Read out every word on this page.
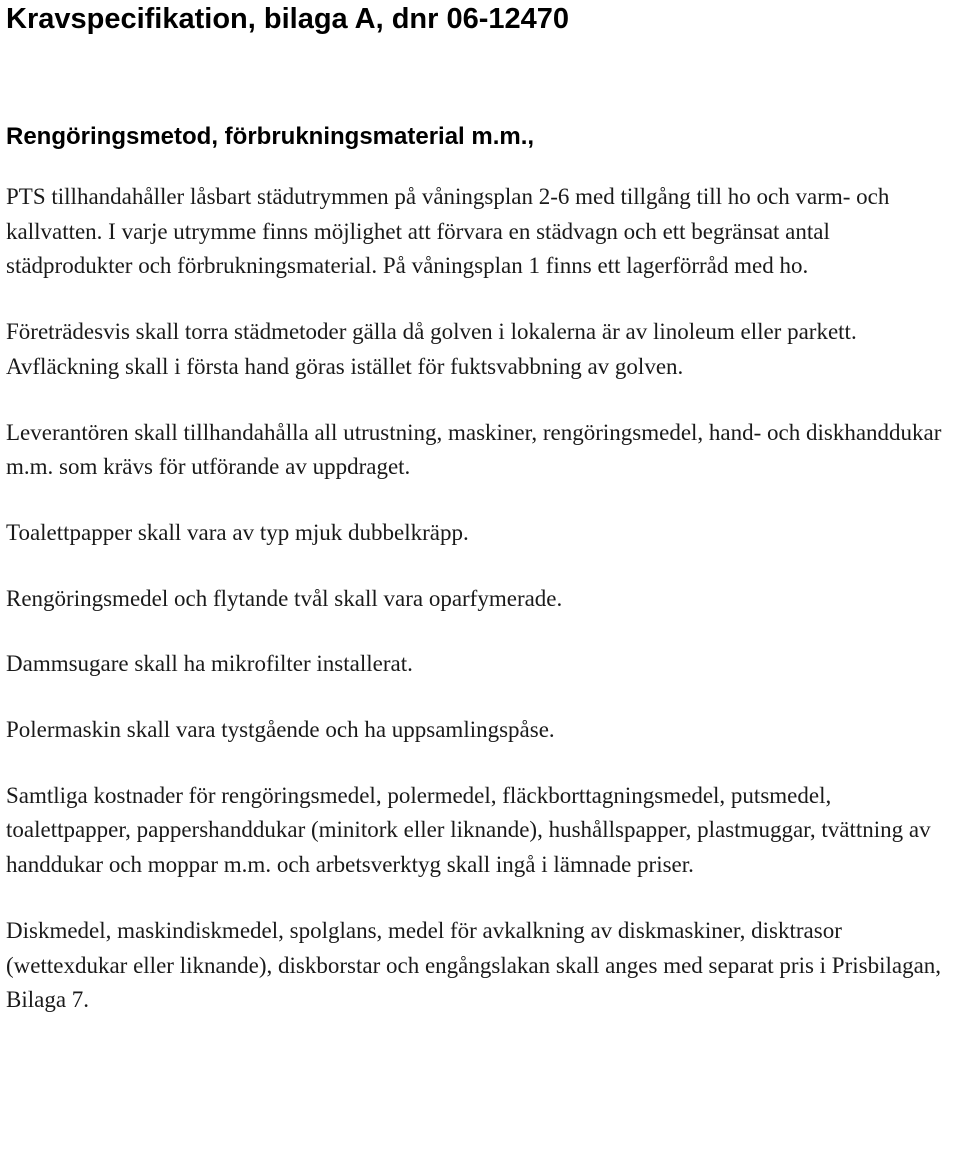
Kravspecifikation, bilaga A, dnr 06-12470
Rengöringsmetod, förbrukningsmaterial m.m.,

PTS tillhandahåller låsbart städutrymmen på våningsplan 2-6 med tillgång till ho och varm- och kallvatten. I varje utrymme finns möjlighet att förvara en städvagn och ett begränsat antal städprodukter och förbrukningsmaterial. På våningsplan 1 finns ett lagerförråd med ho.

Företrädesvis skall torra städmetoder gälla då golven i lokalerna är av linoleum eller parkett. Avfläckning skall i första hand göras istället för fuktsvabbning av golven.

Leverantören skall tillhandahålla all utrustning, maskiner, rengöringsmedel, hand- och diskhanddukar m.m. som krävs för utförande av uppdraget.

Toalettpapper skall vara av typ mjuk dubbelkräpp.

Rengöringsmedel och flytande tvål skall vara oparfymerade.

Dammsugare skall ha mikrofilter installerat.

Polermaskin skall vara tystgående och ha uppsamlingspåse.

Samtliga kostnader för rengöringsmedel, polermedel, fläckborttagningsmedel, putsmedel, toalettpapper, pappershanddukar (minitork eller liknande), hushållspapper, plastmuggar, tvättning av handdukar och moppar m.m. och arbetsverktyg skall ingå i lämnade priser.

Diskmedel, maskindiskmedel, spolglans, medel för avkalkning av diskmaskiner, disktrasor (wettexdukar eller liknande), diskborstar och engångslakan skall anges med separat pris i Prisbilagan, Bilaga 7.
